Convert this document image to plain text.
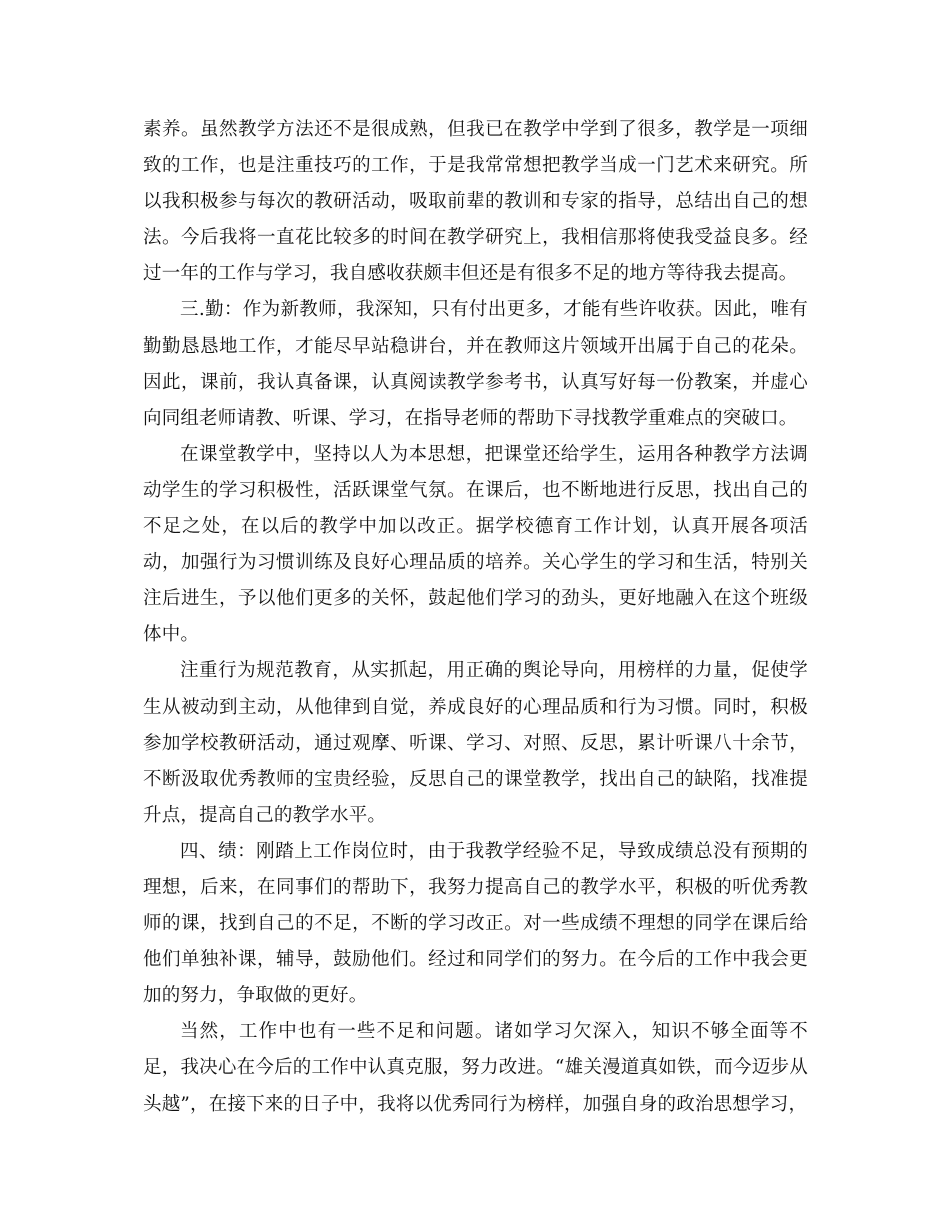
素养。虽然教学方法还不是很成熟，但我已在教学中学到了很多，教学是一项细致的工作，也是注重技巧的工作，于是我常常想把教学当成一门艺术来研究。所以我积极参与每次的教研活动，吸取前辈的教训和专家的指导，总结出自己的想法。今后我将一直花比较多的时间在教学研究上，我相信那将使我受益良多。经过一年的工作与学习，我自感收获颇丰但还是有很多不足的地方等待我去提高。

三.勤：作为新教师，我深知，只有付出更多，才能有些许收获。因此，唯有勤勤恳恳地工作，才能尽早站稳讲台，并在教师这片领域开出属于自己的花朵。因此，课前，我认真备课，认真阅读教学参考书，认真写好每一份教案，并虚心向同组老师请教、听课、学习，在指导老师的帮助下寻找教学重难点的突破口。

在课堂教学中，坚持以人为本思想，把课堂还给学生，运用各种教学方法调动学生的学习积极性，活跃课堂气氛。在课后，也不断地进行反思，找出自己的不足之处，在以后的教学中加以改正。据学校德育工作计划，认真开展各项活动，加强行为习惯训练及良好心理品质的培养。关心学生的学习和生活，特别关注后进生，予以他们更多的关怀，鼓起他们学习的劲头，更好地融入在这个班级体中。

注重行为规范教育，从实抓起，用正确的舆论导向，用榜样的力量，促使学生从被动到主动，从他律到自觉，养成良好的心理品质和行为习惯。同时，积极参加学校教研活动，通过观摩、听课、学习、对照、反思，累计听课八十余节，不断汲取优秀教师的宝贵经验，反思自己的课堂教学，找出自己的缺陷，找准提升点，提高自己的教学水平。

四、绩：刚踏上工作岗位时，由于我教学经验不足，导致成绩总没有预期的理想，后来，在同事们的帮助下，我努力提高自己的教学水平，积极的听优秀教师的课，找到自己的不足，不断的学习改正。对一些成绩不理想的同学在课后给他们单独补课，辅导，鼓励他们。经过和同学们的努力。在今后的工作中我会更加的努力，争取做的更好。

当然，工作中也有一些不足和问题。诸如学习欠深入，知识不够全面等不足，我决心在今后的工作中认真克服，努力改进。“雄关漫道真如铁，而今迈步从头越”，在接下来的日子中，我将以优秀同行为榜样，加强自身的政治思想学习，
